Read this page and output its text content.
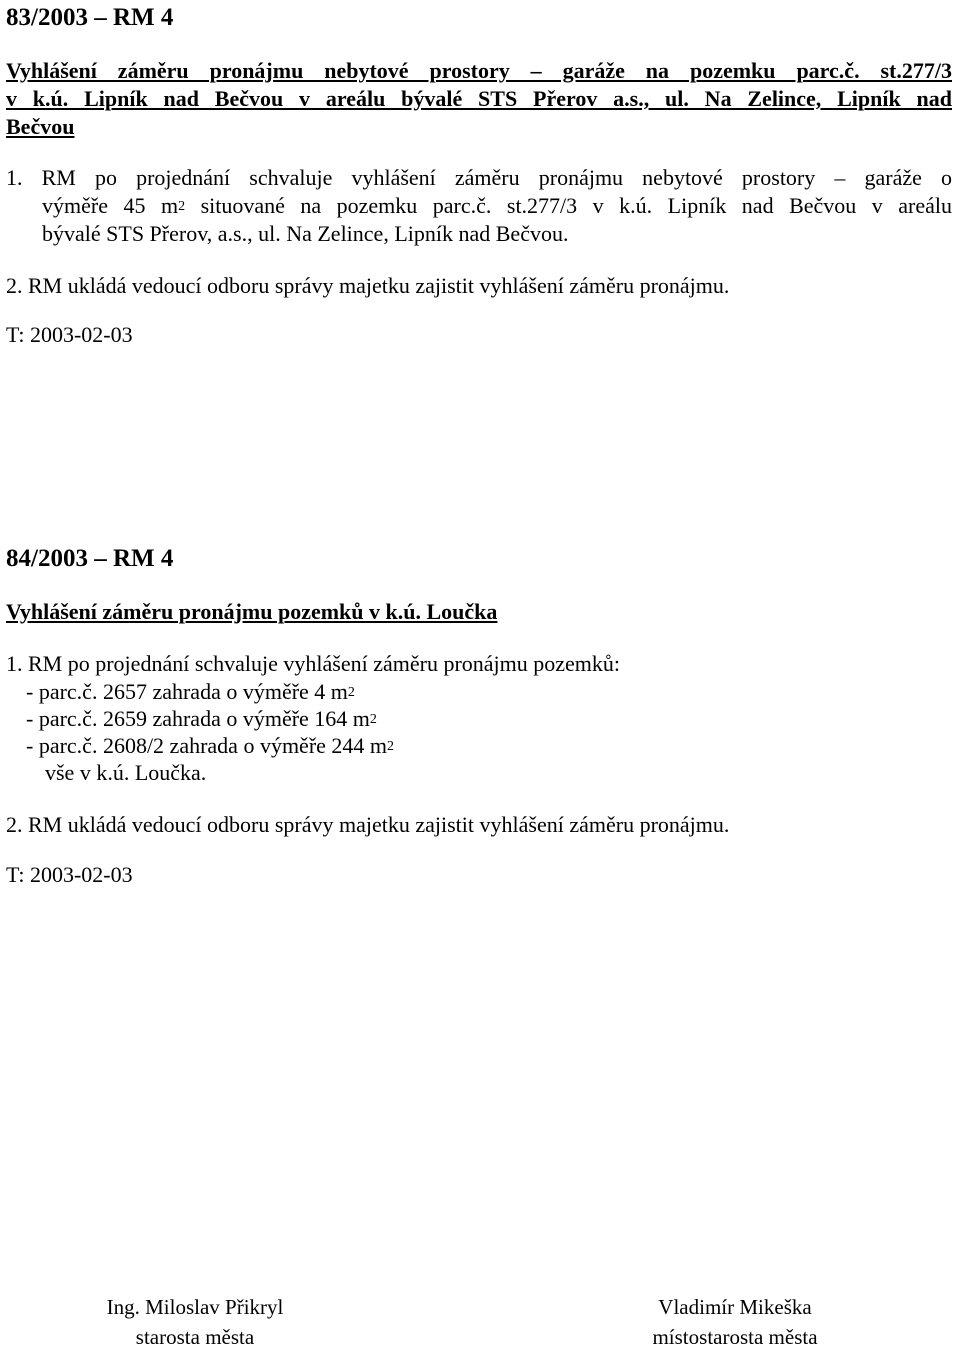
83/2003 – RM 4
Vyhlášení záměru pronájmu nebytové prostory – garáže na pozemku parc.č. st.277/3
v k.ú. Lipník nad Bečvou v areálu bývalé STS Přerov a.s., ul. Na Zelince, Lipník nad
Bečvou
1. RM po projednání schvaluje vyhlášení záměru pronájmu nebytové prostory – garáže o
výměře 45 $m^2$ situované na pozemku parc.č. st.277/3 v k.ú. Lipník nad Bečvou v areálu
bývalé STS Přerov, a.s., ul. Na Zelince, Lipník nad Bečvou.
2. RM ukládá vedoucí odboru správy majetku zajistit vyhlášení záměru pronájmu.
T: 2003-02-03
84/2003 – RM 4
Vyhlášení záměru pronájmu pozemků v k.ú. Loučka
1. RM po projednání schvaluje vyhlášení záměru pronájmu pozemků:
- parc.č. 2657 zahrada o výměře 4 $m^2$
- parc.č. 2659 zahrada o výměře 164 $m^2$
- parc.č. 2608/2 zahrada o výměře 244 $m^2$
vše v k.ú. Loučka.
2. RM ukládá vedoucí odboru správy majetku zajistit vyhlášení záměru pronájmu.
T: 2003-02-03
Ing. Miloslav Přikryl
starosta města
Vladimír Mikeška
místostarosta města
